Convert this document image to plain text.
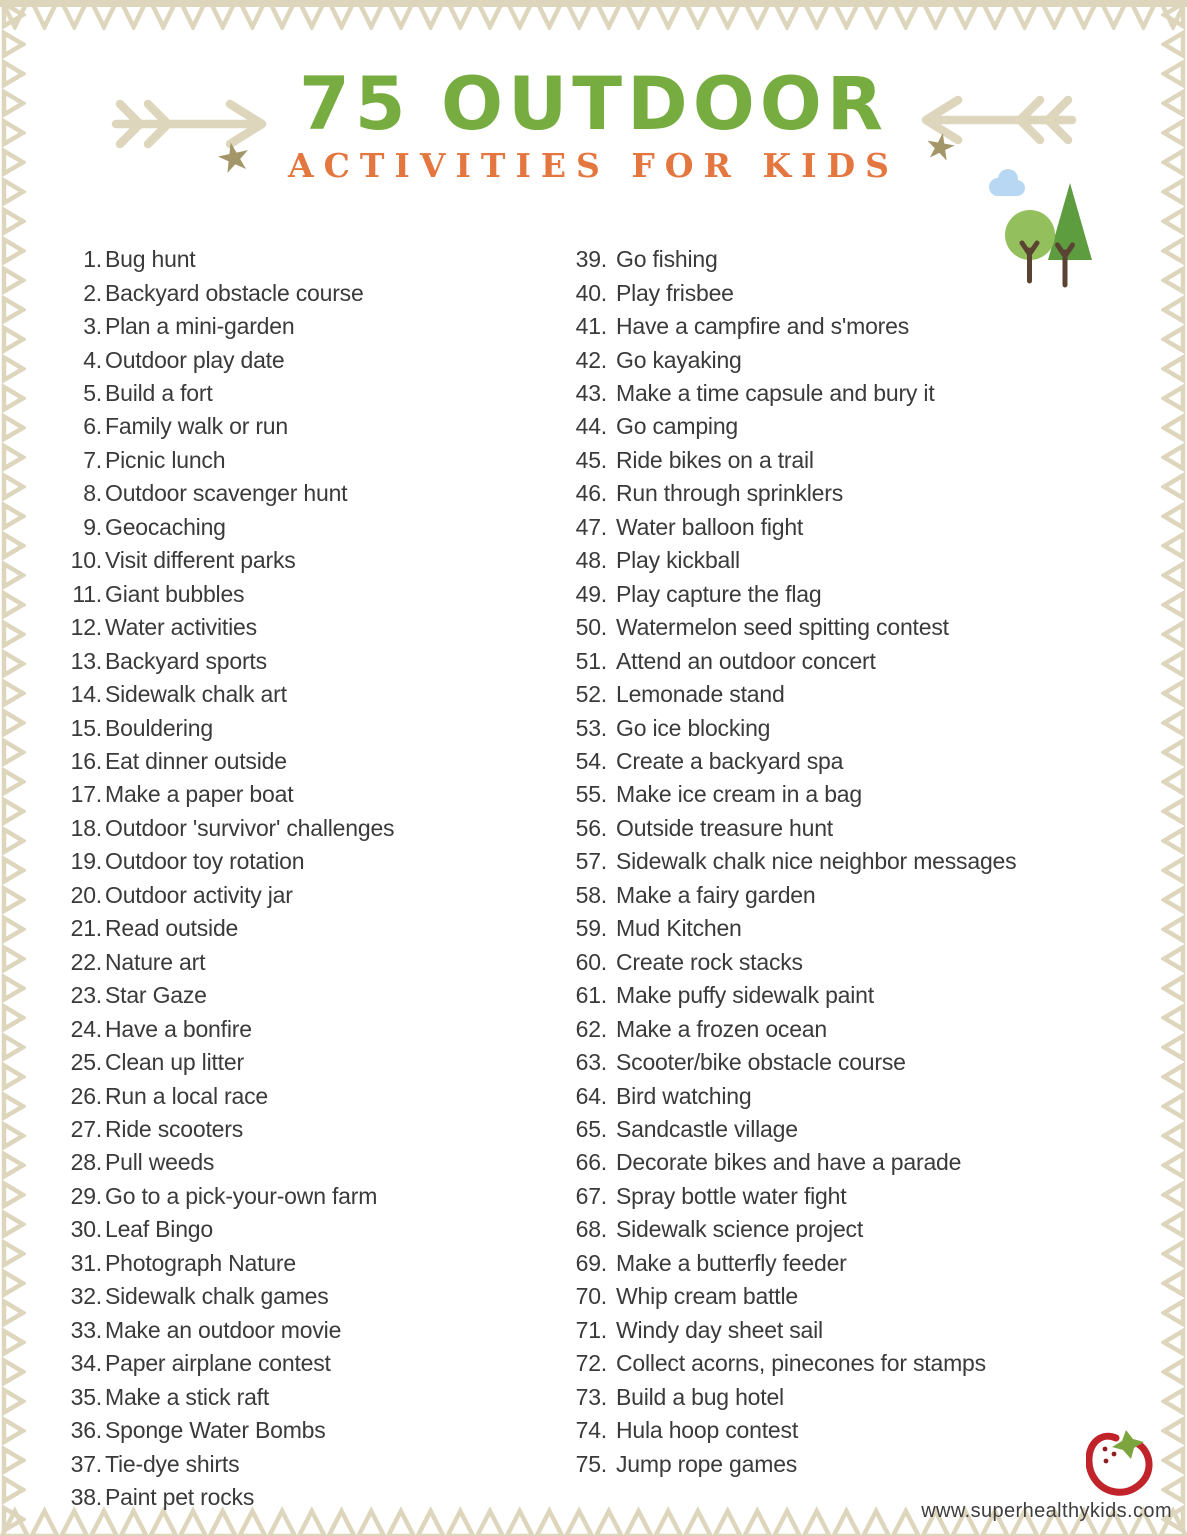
75 OUTDOOR
ACTIVITIES FOR KIDS
★	★
1. Bug hunt
2. Backyard obstacle course
3. Plan a mini-garden
4. Outdoor play date
5. Build a fort
6. Family walk or run
7. Picnic lunch
8. Outdoor scavenger hunt
9. Geocaching
10. Visit different parks
11. Giant bubbles
12. Water activities
13. Backyard sports
14. Sidewalk chalk art
15. Bouldering
16. Eat dinner outside
17. Make a paper boat
18. Outdoor 'survivor' challenges
19. Outdoor toy rotation
20. Outdoor activity jar
21. Read outside
22. Nature art
23. Star Gaze
24. Have a bonfire
25. Clean up litter
26. Run a local race
27. Ride scooters
28. Pull weeds
29. Go to a pick-your-own farm
30. Leaf Bingo
31. Photograph Nature
32. Sidewalk chalk games
33. Make an outdoor movie
34. Paper airplane contest
35. Make a stick raft
36. Sponge Water Bombs
37. Tie-dye shirts
38. Paint pet rocks
39. Go fishing
40. Play frisbee
41. Have a campfire and s'mores
42. Go kayaking
43. Make a time capsule and bury it
44. Go camping
45. Ride bikes on a trail
46. Run through sprinklers
47. Water balloon fight
48. Play kickball
49. Play capture the flag
50. Watermelon seed spitting contest
51. Attend an outdoor concert
52. Lemonade stand
53. Go ice blocking
54. Create a backyard spa
55. Make ice cream in a bag
56. Outside treasure hunt
57. Sidewalk chalk nice neighbor messages
58. Make a fairy garden
59. Mud Kitchen
60. Create rock stacks
61. Make puffy sidewalk paint
62. Make a frozen ocean
63. Scooter/bike obstacle course
64. Bird watching
65. Sandcastle village
66. Decorate bikes and have a parade
67. Spray bottle water fight
68. Sidewalk science project
69. Make a butterfly feeder
70. Whip cream battle
71. Windy day sheet sail
72. Collect acorns, pinecones for stamps
73. Build a bug hotel
74. Hula hoop contest
75. Jump rope games
www.superhealthykids.com
